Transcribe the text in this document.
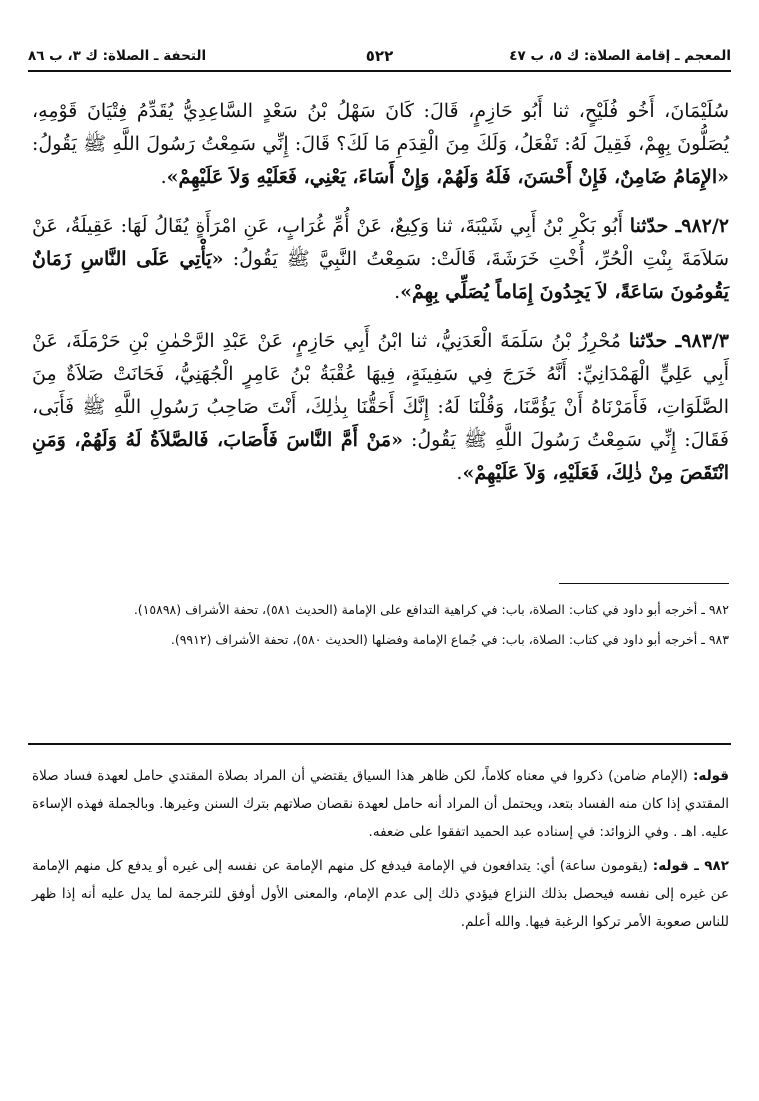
المعجم ـ إقامة الصلاة: ك ٥، ب ٤٧
٥٢٢
التحفة ـ الصلاة: ك ٣، ب ٨٦

سُلَيْمَانَ، أَخُو فُلَيْحٍ، ثنا أَبُو حَازِمٍ، قَالَ: كَانَ سَهْلُ بْنُ سَعْدٍ السَّاعِدِيُّ يُقَدِّمُ فِتْيَانَ قَوْمِهِ، يُصَلُّونَ بِهِمْ، فَقِيلَ لَهُ: تَفْعَلُ، وَلَكَ مِنَ الْقِدَمِ مَا لَكَ؟ قَالَ: إِنِّي سَمِعْتُ رَسُولَ اللَّهِ ﷺ يَقُولُ: «الإِمَامُ ضَامِنٌ، فَإِنْ أَحْسَنَ، فَلَهُ وَلَهُمْ، وَإِنْ أَسَاءَ، يَعْنِي، فَعَلَيْهِ وَلاَ عَلَيْهِمْ».

٩٨٢/٢ـ حدّثنا أَبُو بَكْرِ بْنُ أَبِي شَيْبَةَ، ثنا وَكِيعٌ، عَنْ أُمِّ غُرَابٍ، عَنِ امْرَأَةٍ يُقَالُ لَهَا: عَقِيلَةُ، عَنْ سَلاَمَةَ بِنْتِ الْحُرِّ، أُخْتِ خَرَشَةَ، قَالَتْ: سَمِعْتُ النَّبِيَّ ﷺ يَقُولُ: «يَأْتِي عَلَى النَّاسِ زَمَانٌ يَقُومُونَ سَاعَةً، لاَ يَجِدُونَ إِمَاماً يُصَلِّي بِهِمْ».

٩٨٣/٣ـ حدّثنا مُحْرِزُ بْنُ سَلَمَةَ الْعَدَنِيُّ، ثنا ابْنُ أَبِي حَازِمٍ، عَنْ عَبْدِ الرَّحْمٰنِ بْنِ حَرْمَلَةَ، عَنْ أَبِي عَلِيٍّ الْهَمْدَانِيِّ: أَنَّهُ خَرَجَ فِي سَفِينَةٍ، فِيهَا عُقْبَةُ بْنُ عَامِرٍ الْجُهَنِيُّ، فَحَانَتْ صَلاَةٌ مِنَ الصَّلَوَاتِ، فَأَمَرْنَاهُ أَنْ يَؤُمَّنَا، وَقُلْنَا لَهُ: إِنَّكَ أَحَقُّنَا بِذٰلِكَ، أَنْتَ صَاحِبُ رَسُولِ اللَّهِ ﷺ فَأَبَى، فَقَالَ: إِنِّي سَمِعْتُ رَسُولَ اللَّهِ ﷺ يَقُولُ: «مَنْ أَمَّ النَّاسَ فَأَصَابَ، فَالصَّلاَةُ لَهُ وَلَهُمْ، وَمَنِ انْتَقَصَ مِنْ ذٰلِكَ، فَعَلَيْهِ، وَلاَ عَلَيْهِمْ».

٩٨٢ ـ أخرجه أبو داود في كتاب: الصلاة، باب: في كراهية التدافع على الإمامة (الحديث ٥٨١)، تحفة الأشراف (١٥٨٩٨).

٩٨٣ ـ أخرجه أبو داود في كتاب: الصلاة، باب: في جُماع الإمامة وفضلها (الحديث ٥٨٠)، تحفة الأشراف (٩٩١٢).

قوله: (الإمام ضامن) ذكروا في معناه كلاماً، لكن ظاهر هذا السياق يقتضي أن المراد بصلاة المقتدي حامل لعهدة فساد صلاة المقتدي إذا كان منه الفساد بتعد، ويحتمل أن المراد أنه حامل لعهدة نقصان صلاتهم بترك السنن وغيرها. وبالجملة فهذه الإساءة عليه. اهـ . وفي الزوائد: في إسناده عبد الحميد اتفقوا على ضعفه.

٩٨٢ ـ قوله: (يقومون ساعة) أي: يتدافعون في الإمامة فيدفع كل منهم الإمامة عن نفسه إلى غيره أو يدفع كل منهم الإمامة عن غيره إلى نفسه فيحصل بذلك النزاع فيؤدي ذلك إلى عدم الإمام، والمعنى الأول أوفق للترجمة لما يدل عليه أنه إذا ظهر للناس صعوبة الأمر تركوا الرغبة فيها. والله أعلم.
